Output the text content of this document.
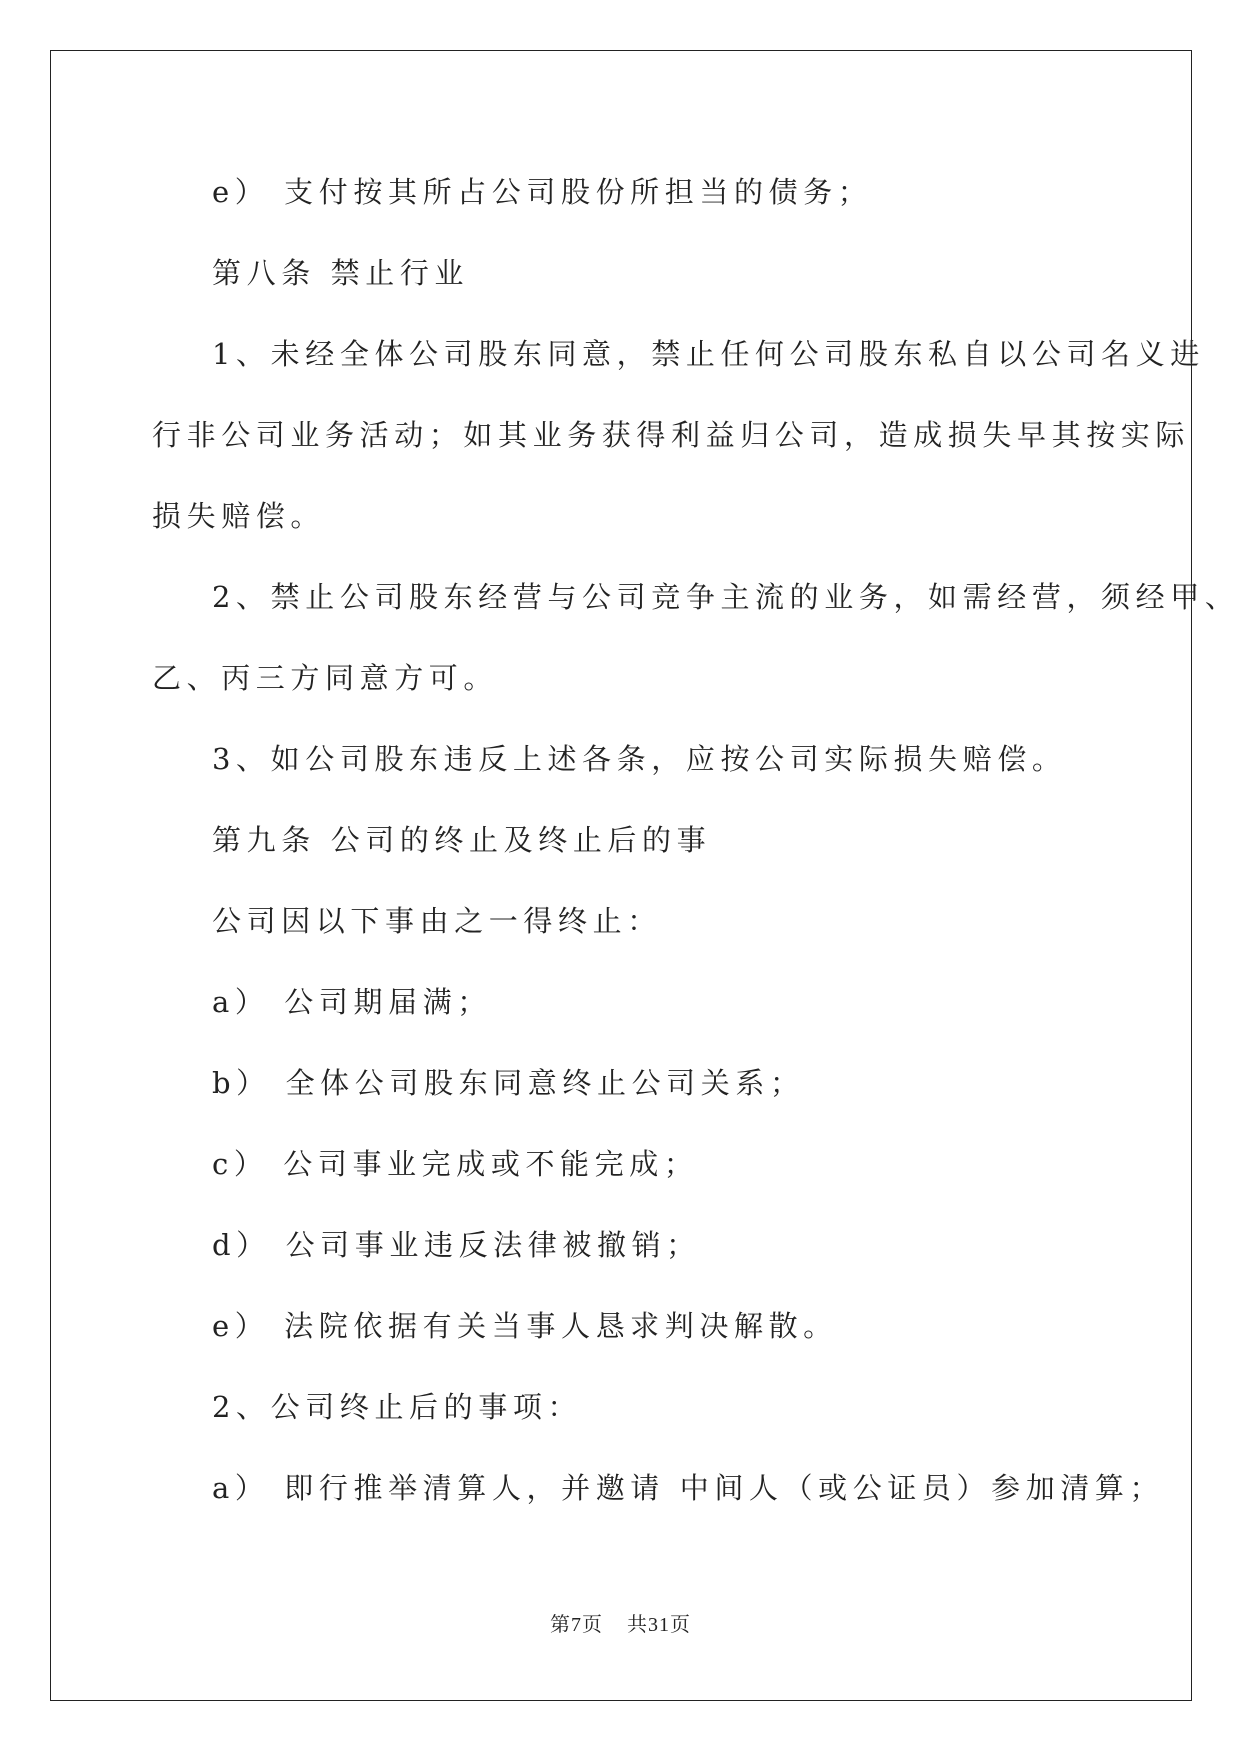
e） 支付按其所占公司股份所担当的债务；
第八条 禁止行业
1、未经全体公司股东同意，禁止任何公司股东私自以公司名义进
行非公司业务活动；如其业务获得利益归公司，造成损失早其按实际
损失赔偿。
2、禁止公司股东经营与公司竞争主流的业务，如需经营，须经甲、
乙、丙三方同意方可。
3、如公司股东违反上述各条，应按公司实际损失赔偿。
第九条 公司的终止及终止后的事
公司因以下事由之一得终止：
a） 公司期届满；
b） 全体公司股东同意终止公司关系；
c） 公司事业完成或不能完成；
d） 公司事业违反法律被撤销；
e） 法院依据有关当事人恳求判决解散。
2、公司终止后的事项：
a） 即行推举清算人，并邀请 中间人（或公证员）参加清算；
第7页 共31页
